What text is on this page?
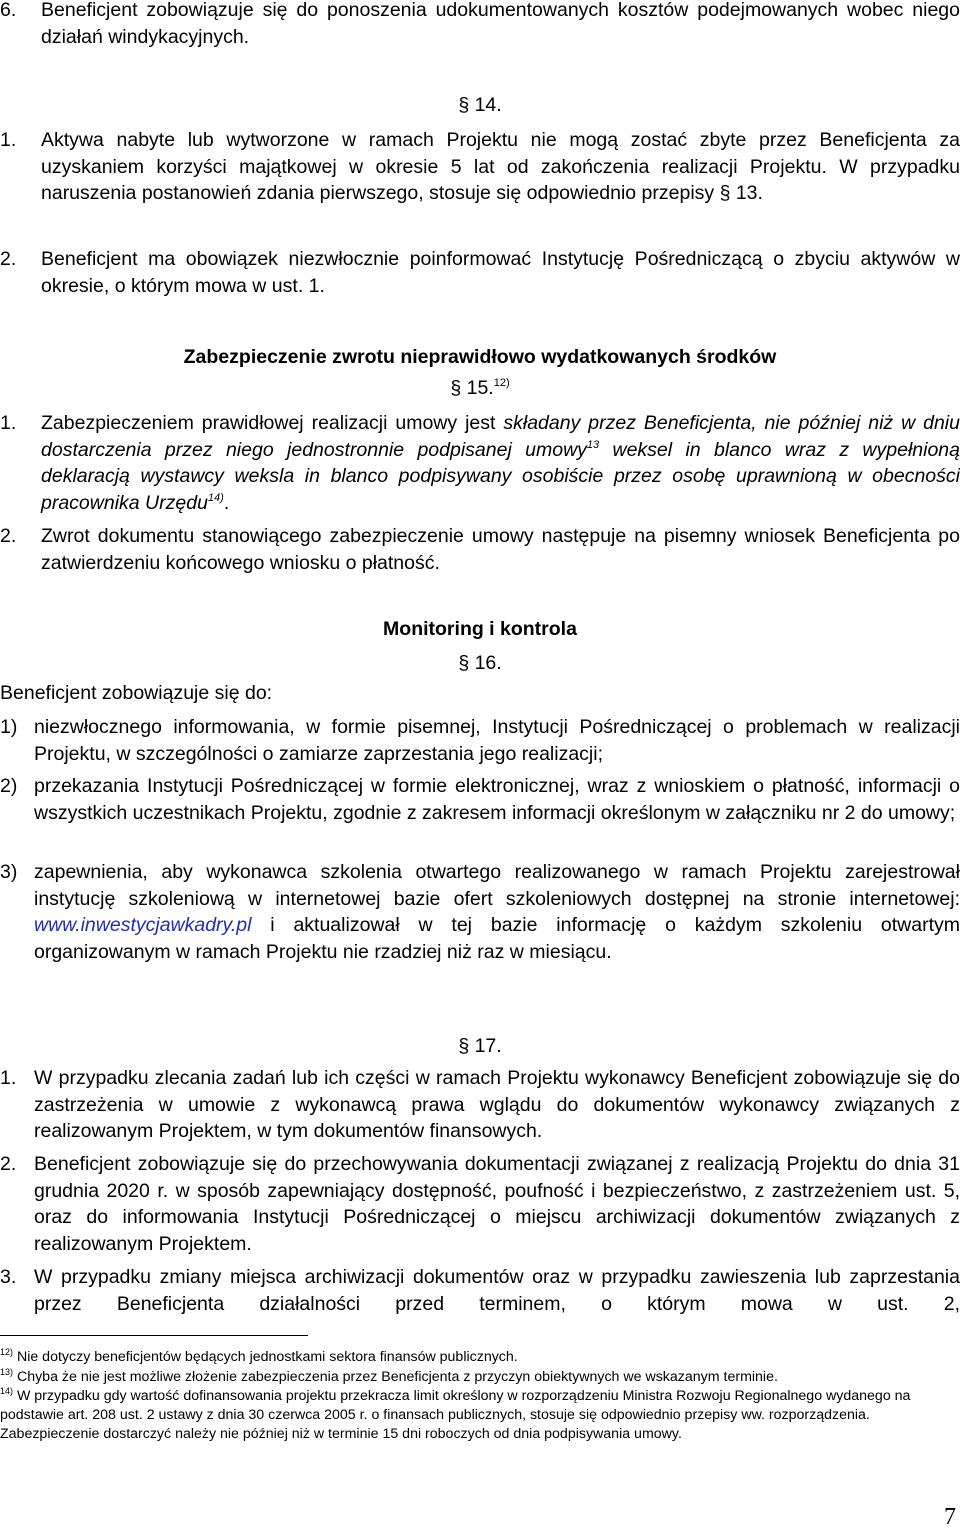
6.	Beneficjent zobowiązuje się do ponoszenia udokumentowanych kosztów podejmowanych wobec niego działań windykacyjnych.
§ 14.
1.	Aktywa nabyte lub wytworzone w ramach Projektu nie mogą zostać zbyte przez Beneficjenta za uzyskaniem korzyści majątkowej w okresie 5 lat od zakończenia realizacji Projektu. W przypadku naruszenia postanowień zdania pierwszego, stosuje się odpowiednio przepisy § 13.
2.	Beneficjent ma obowiązek niezwłocznie poinformować Instytucję Pośredniczącą o zbyciu aktywów w okresie, o którym mowa w ust. 1.
Zabezpieczenie zwrotu nieprawidłowo wydatkowanych środków
§ 15.$^{12)}$
1.	Zabezpieczeniem prawidłowej realizacji umowy jest składany przez Beneficjenta, nie później niż w dniu dostarczenia przez niego jednostronnie podpisanej umowy$^{13}$ weksel in blanco wraz z wypełnioną deklaracją wystawcy weksla in blanco podpisywany osobiście przez osobę uprawnioną w obecności pracownika Urzędu$^{14)}$.
2.	Zwrot dokumentu stanowiącego zabezpieczenie umowy następuje na pisemny wniosek Beneficjenta po zatwierdzeniu końcowego wniosku o płatność.
Monitoring i kontrola
§ 16.
Beneficjent zobowiązuje się do:
1) niezwłocznego informowania, w formie pisemnej, Instytucji Pośredniczącej o problemach w realizacji Projektu, w szczególności o zamiarze zaprzestania jego realizacji;
2) przekazania Instytucji Pośredniczącej w formie elektronicznej, wraz z wnioskiem o płatność, informacji o wszystkich uczestnikach Projektu, zgodnie z zakresem informacji określonym w załączniku nr 2 do umowy;
3) zapewnienia, aby wykonawca szkolenia otwartego realizowanego w ramach Projektu zarejestrował instytucję szkoleniową w internetowej bazie ofert szkoleniowych dostępnej na stronie internetowej: www.inwestycjawkadry.pl i aktualizował w tej bazie informację o każdym szkoleniu otwartym organizowanym w ramach Projektu nie rzadziej niż raz w miesiącu.
§ 17.
1. W przypadku zlecania zadań lub ich części w ramach Projektu wykonawcy Beneficjent zobowiązuje się do zastrzeżenia w umowie z wykonawcą prawa wglądu do dokumentów wykonawcy związanych z realizowanym Projektem, w tym dokumentów finansowych.
2. Beneficjent zobowiązuje się do przechowywania dokumentacji związanej z realizacją Projektu do dnia 31 grudnia 2020 r. w sposób zapewniający dostępność, poufność i bezpieczeństwo, z zastrzeżeniem ust. 5, oraz do informowania Instytucji Pośredniczącej o miejscu archiwizacji dokumentów związanych z realizowanym Projektem.
3. W przypadku zmiany miejsca archiwizacji dokumentów oraz w przypadku zawieszenia lub zaprzestania przez Beneficjenta działalności przed terminem, o którym mowa w ust. 2,
$^{12)}$ Nie dotyczy beneficjentów będących jednostkami sektora finansów publicznych.
$^{13)}$ Chyba że nie jest możliwe złożenie zabezpieczenia przez Beneficjenta z przyczyn obiektywnych we wskazanym terminie.
$^{14)}$ W przypadku gdy wartość dofinansowania projektu przekracza limit określony w rozporządzeniu Ministra Rozwoju Regionalnego wydanego na podstawie art. 208 ust. 2 ustawy z dnia 30 czerwca 2005 r. o finansach publicznych, stosuje się odpowiednio przepisy ww. rozporządzenia. Zabezpieczenie dostarczyć należy nie później niż w terminie 15 dni roboczych od dnia podpisywania umowy.
7
